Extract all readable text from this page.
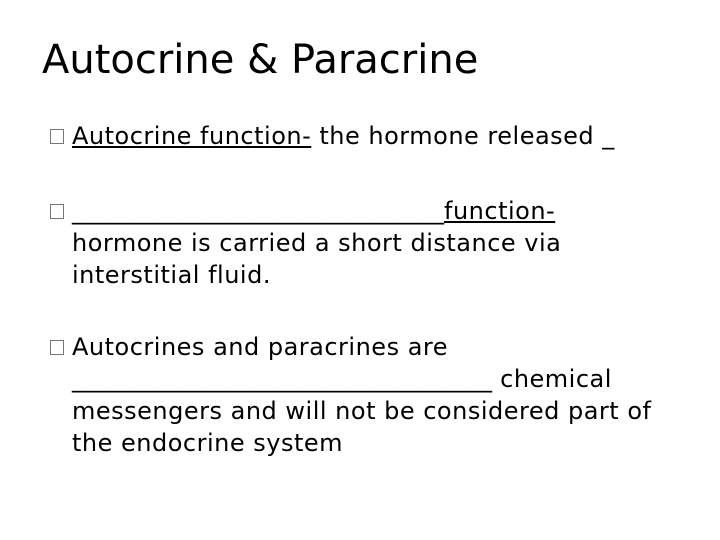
Autocrine & Paracrine

Autocrine function- the hormone released _

_______________________________function-
hormone is carried a short distance via interstitial fluid.

Autocrines and paracrines are ___________________________________ chemical messengers and will not be considered part of the endocrine system
